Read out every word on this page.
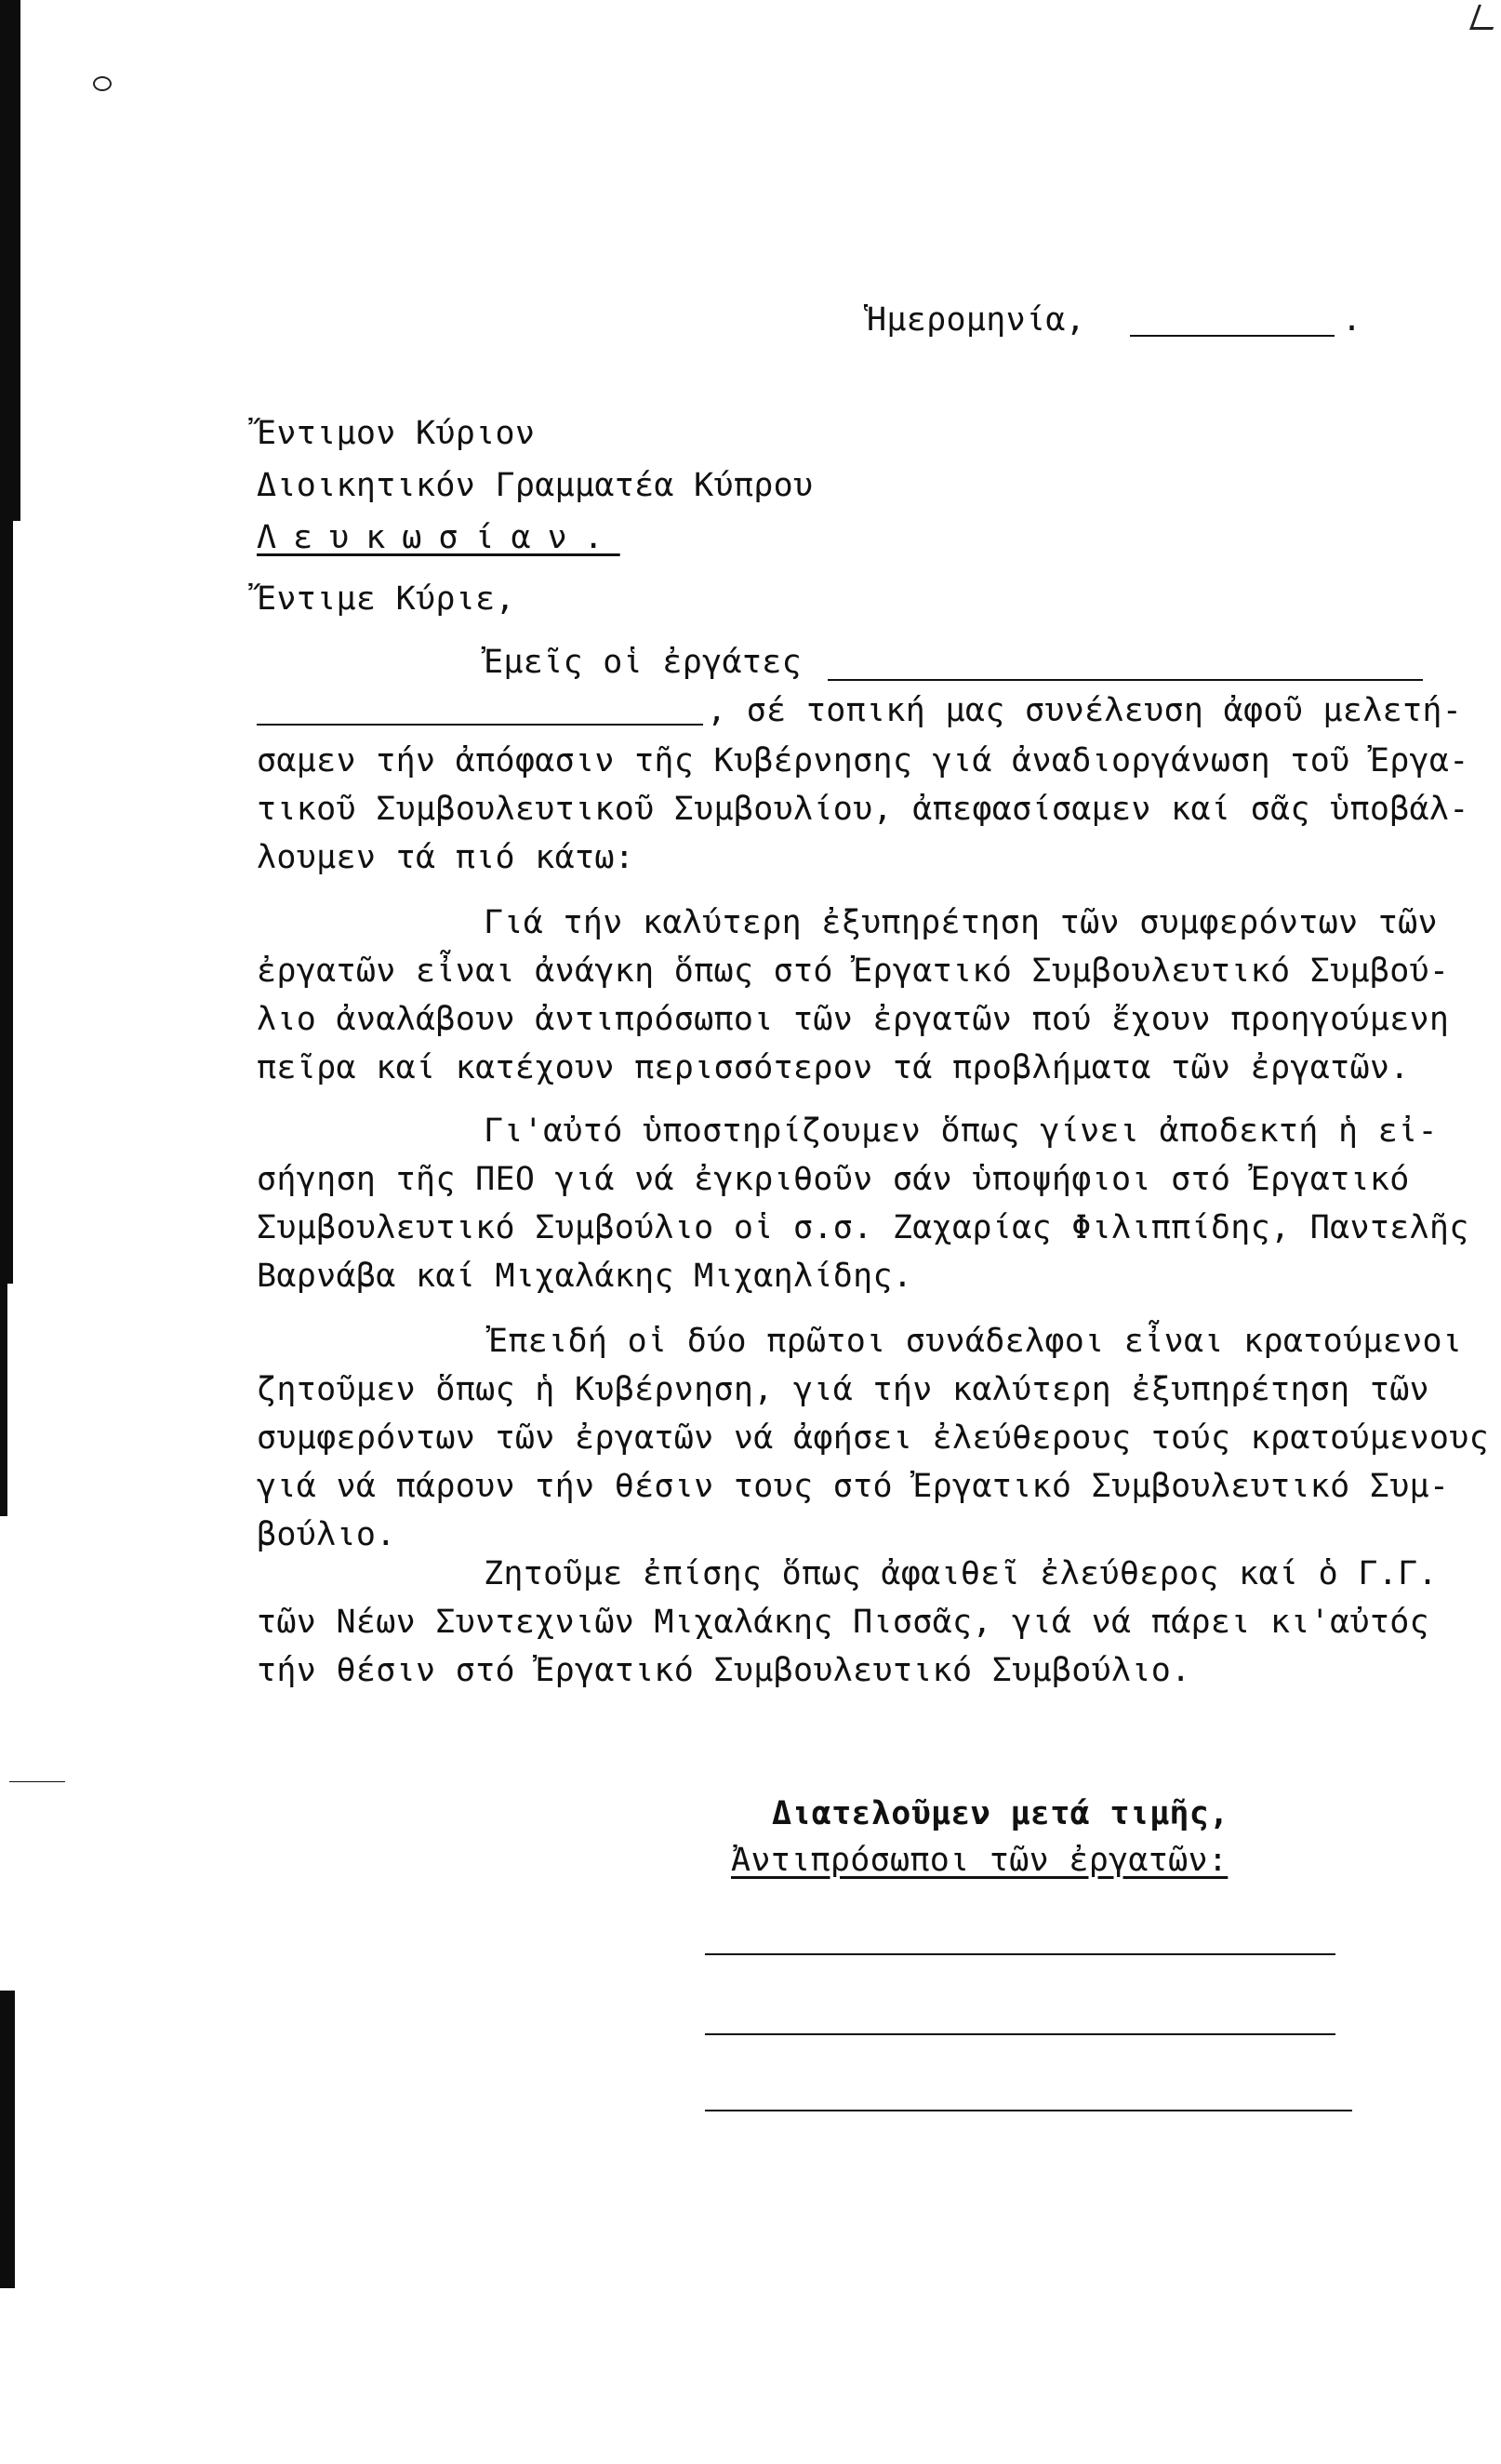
Ἡμερομηνία,	.
Ἔντιμον Κύριον
Διοικητικόν Γραμματέα Κύπρου
Λευκωσίαν.
Ἔντιμε Κύριε,
Ἐμεῖς οἱ ἐργάτες
, σέ τοπική μας συνέλευση ἀφοῦ μελετή-
σαμεν τήν ἀπόφασιν τῆς Κυβέρνησης γιά ἀναδιοργάνωση τοῦ Ἐργα-
τικοῦ Συμβουλευτικοῦ Συμβουλίου, ἀπεφασίσαμεν καί σᾶς ὑποβάλ-
λουμεν τά πιό κάτω:
Γιά τήν καλύτερη ἐξυπηρέτηση τῶν συμφερόντων τῶν
ἐργατῶν εἶναι ἀνάγκη ὅπως στό Ἐργατικό Συμβουλευτικό Συμβού-
λιο ἀναλάβουν ἀντιπρόσωποι τῶν ἐργατῶν πού ἔχουν προηγούμενη
πεῖρα καί κατέχουν περισσότερον τά προβλήματα τῶν ἐργατῶν.
Γι'αὐτό ὑποστηρίζουμεν ὅπως γίνει ἀποδεκτή ἡ εἰ-
σήγηση τῆς ΠΕΟ γιά νά ἐγκριθοῦν σάν ὑποψήφιοι στό Ἐργατικό
Συμβουλευτικό Συμβούλιο οἱ σ.σ. Ζαχαρίας Φιλιππίδης, Παντελῆς
Βαρνάβα καί Μιχαλάκης Μιχαηλίδης.
Ἐπειδή οἱ δύο πρῶτοι συνάδελφοι εἶναι κρατούμενοι
ζητοῦμεν ὅπως ἡ Κυβέρνηση, γιά τήν καλύτερη ἐξυπηρέτηση τῶν
συμφερόντων τῶν ἐργατῶν νά ἀφήσει ἐλεύθερους τούς κρατούμενους
γιά νά πάρουν τήν θέσιν τους στό Ἐργατικό Συμβουλευτικό Συμ-
βούλιο.
Ζητοῦμε ἐπίσης ὅπως ἀφαιθεῖ ἐλεύθερος καί ὁ Γ.Γ.
τῶν Νέων Συντεχνιῶν Μιχαλάκης Πισσᾶς, γιά νά πάρει κι'αὐτός
τήν θέσιν στό Ἐργατικό Συμβουλευτικό Συμβούλιο.
Διατελοῦμεν μετά τιμῆς,
Ἀντιπρόσωποι τῶν ἐργατῶν:
